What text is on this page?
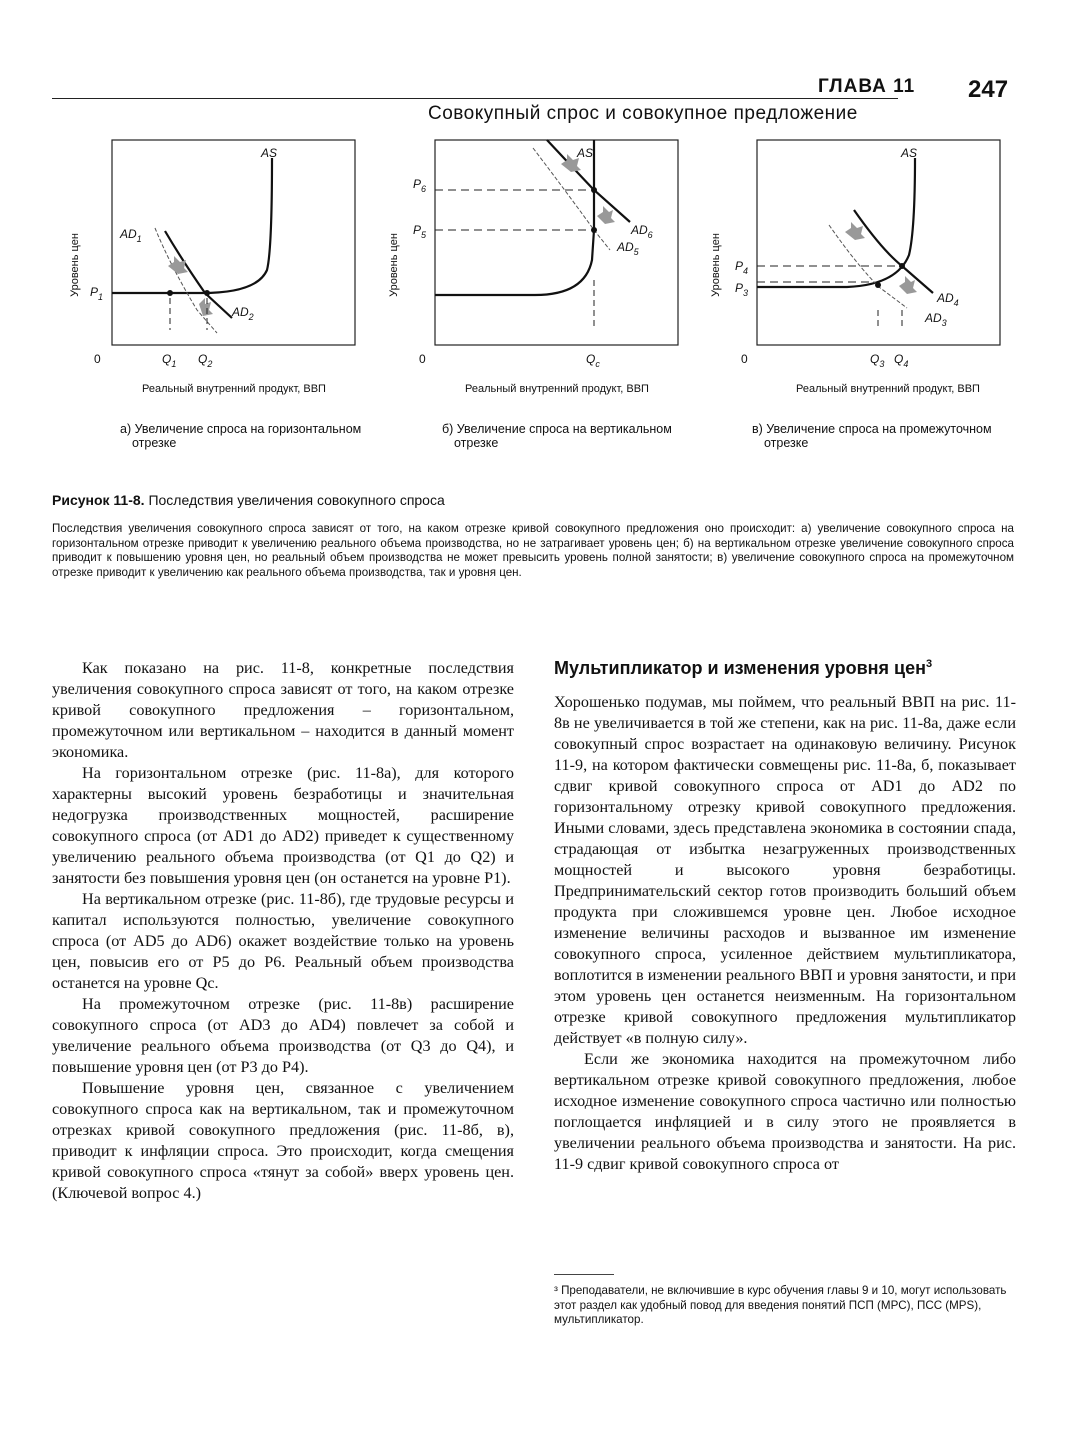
ГЛАВА 11 247
Совокупный спрос и совокупное предложение
Уровень цен
AS
$AD_1$
$AD_2$
$P_1$
0	$Q_1$ $Q_2$
Реальный внутренний продукт, ВВП
Уровень цен
AS
$AD_6$
$AD_5$
$P_6$
$P_5$
0	$Q_c$
Реальный внутренний продукт, ВВП
Уровень цен
AS
$AD_4$
$AD_3$
$P_4$
$P_3$
0	$Q_3$ $Q_4$
Реальный внутренний продукт, ВВП
а) Увеличение спроса на горизонтальном
отрезке
б) Увеличение спроса на вертикальном
отрезке
в) Увеличение спроса на промежуточном
отрезке
Рисунок 11-8. Последствия увеличения совокупного спроса
Последствия увеличения совокупного спроса зависят от того, на каком отрезке кривой совокупного предложения оно происходит: а) увеличение совокупного спроса на горизонтальном отрезке приводит к увеличению реального объема производства, но не затрагивает уровень цен; б) на вертикальном отрезке увеличение совокупного спроса приводит к повышению уровня цен, но реальный объем производства не может превысить уровень полной занятости; в) увеличение совокупного спроса на промежуточном отрезке приводит к увеличению как реального объема производства, так и уровня цен.

Как показано на рис. 11-8, конкретные последствия увеличения совокупного спроса зависят от того, на каком отрезке кривой совокупного предложения – горизонтальном, промежуточном или вертикальном – находится в данный момент экономика.

На горизонтальном отрезке (рис. 11-8а), для которого характерны высокий уровень безработицы и значительная недогрузка производственных мощностей, расширение совокупного спроса (от AD1 до AD2) приведет к существенному увеличению реального объема производства (от Q1 до Q2) и занятости без повышения уровня цен (он останется на уровне P1).

На вертикальном отрезке (рис. 11-8б), где трудовые ресурсы и капитал используются полностью, увеличение совокупного спроса (от AD5 до AD6) окажет воздействие только на уровень цен, повысив его от P5 до P6. Реальный объем производства останется на уровне Qc.

На промежуточном отрезке (рис. 11-8в) расширение совокупного спроса (от AD3 до AD4) повлечет за собой и увеличение реального объема производства (от Q3 до Q4), и повышение уровня цен (от P3 до P4).

Повышение уровня цен, связанное с увеличением совокупного спроса как на вертикальном, так и промежуточном отрезках кривой совокупного предложения (рис. 11-8б, в), приводит к инфляции спроса. Это происходит, когда смещения кривой совокупного спроса «тянут за собой» вверх уровень цен. (Ключевой вопрос 4.)

Мультипликатор и изменения уровня цен$^3$

Хорошенько подумав, мы поймем, что реальный ВВП на рис. 11-8в не увеличивается в той же степени, как на рис. 11-8а, даже если совокупный спрос возрастает на одинаковую величину. Рисунок 11-9, на котором фактически совмещены рис. 11-8а, б, показывает сдвиг кривой совокупного спроса от AD1 до AD2 по горизонтальному отрезку кривой совокупного предложения. Иными словами, здесь представлена экономика в состоянии спада, страдающая от избытка незагруженных производственных мощностей и высокого уровня безработицы. Предпринимательский сектор готов производить больший объем продукта при сложившемся уровне цен. Любое исходное изменение величины расходов и вызванное им изменение совокупного спроса, усиленное действием мультипликатора, воплотится в изменении реального ВВП и уровня занятости, и при этом уровень цен останется неизменным. На горизонтальном отрезке кривой совокупного предложения мультипликатор действует «в полную силу».

Если же экономика находится на промежуточном либо вертикальном отрезке кривой совокупного предложения, любое исходное изменение совокупного спроса частично или полностью поглощается инфляцией и в силу этого не проявляется в увеличении реального объема производства и занятости. На рис. 11-9 сдвиг кривой совокупного спроса от

³ Преподаватели, не включившие в курс обучения главы 9 и 10, могут использовать этот раздел как удобный повод для введения понятий ПСП (MPC), ПСС (MPS), мультипликатор.
